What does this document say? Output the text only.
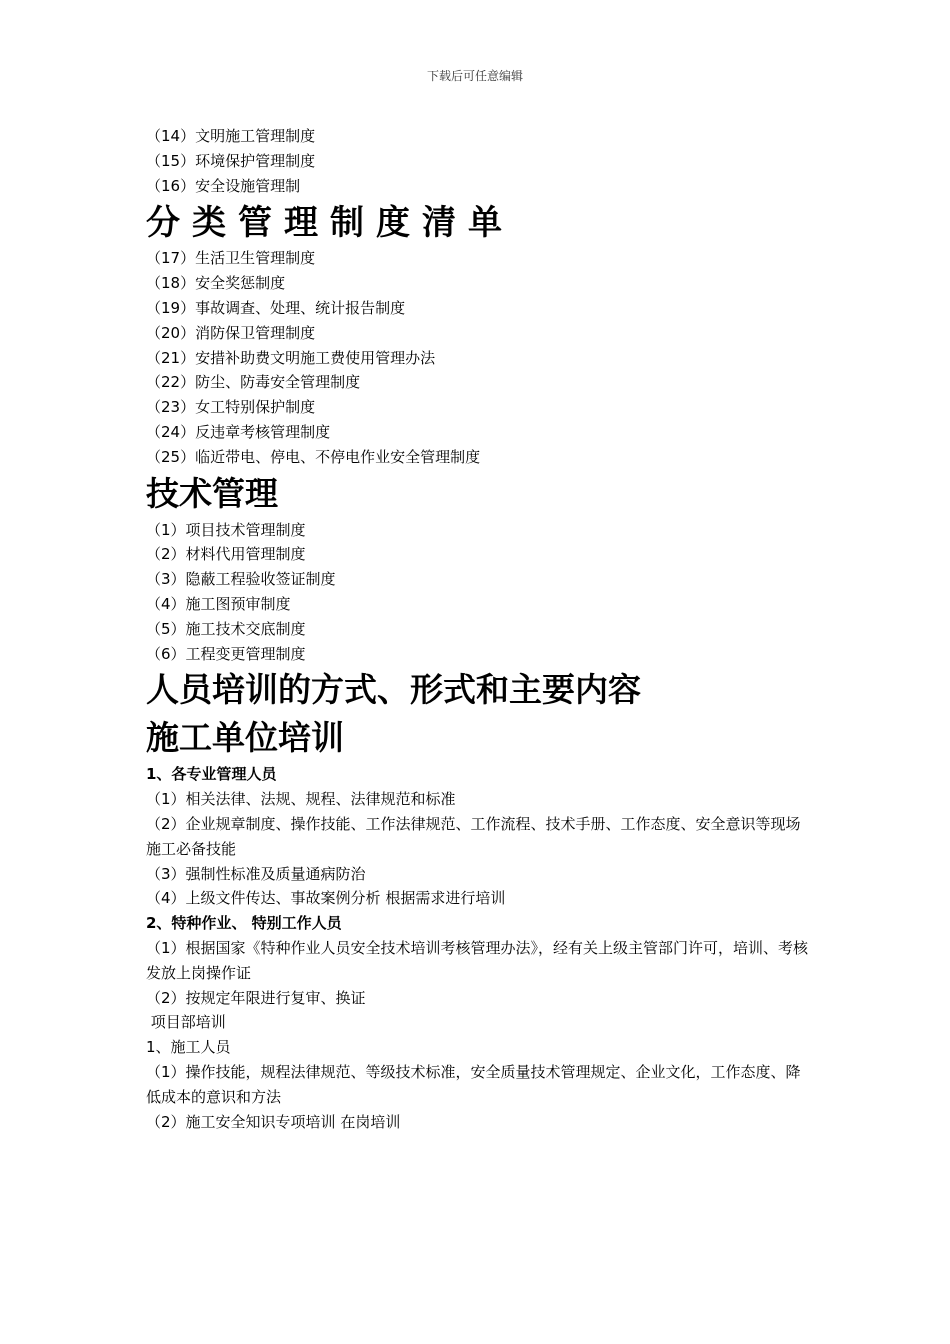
下载后可任意编辑

（14）文明施工管理制度

（15）环境保护管理制度

（16）安全设施管理制

分类管理制度清单

（17）生活卫生管理制度

（18）安全奖惩制度

（19）事故调查、处理、统计报告制度

（20）消防保卫管理制度

（21）安措补助费文明施工费使用管理办法

（22）防尘、防毒安全管理制度

（23）女工特别保护制度

（24）反违章考核管理制度

（25）临近带电、停电、不停电作业安全管理制度

技术管理

（1）项目技术管理制度

（2）材料代用管理制度

（3）隐蔽工程验收签证制度

（4）施工图预审制度

（5）施工技术交底制度

（6）工程变更管理制度

人员培训的方式、形式和主要内容
施工单位培训

1、各专业管理人员

（1）相关法律、法规、规程、法律规范和标准

（2）企业规章制度、操作技能、工作法律规范、工作流程、技术手册、工作态度、安全意识等现场施工必备技能

（3）强制性标准及质量通病防治

（4）上级文件传达、事故案例分析 根据需求进行培训

2、特种作业、 特别工作人员

（1）根据国家《特种作业人员安全技术培训考核管理办法》，经有关上级主管部门许可，培训、考核发放上岗操作证

（2）按规定年限进行复审、换证

项目部培训

1、施工人员

（1）操作技能，规程法律规范、等级技术标准，安全质量技术管理规定、企业文化，工作态度、降低成本的意识和方法

（2）施工安全知识专项培训 在岗培训
